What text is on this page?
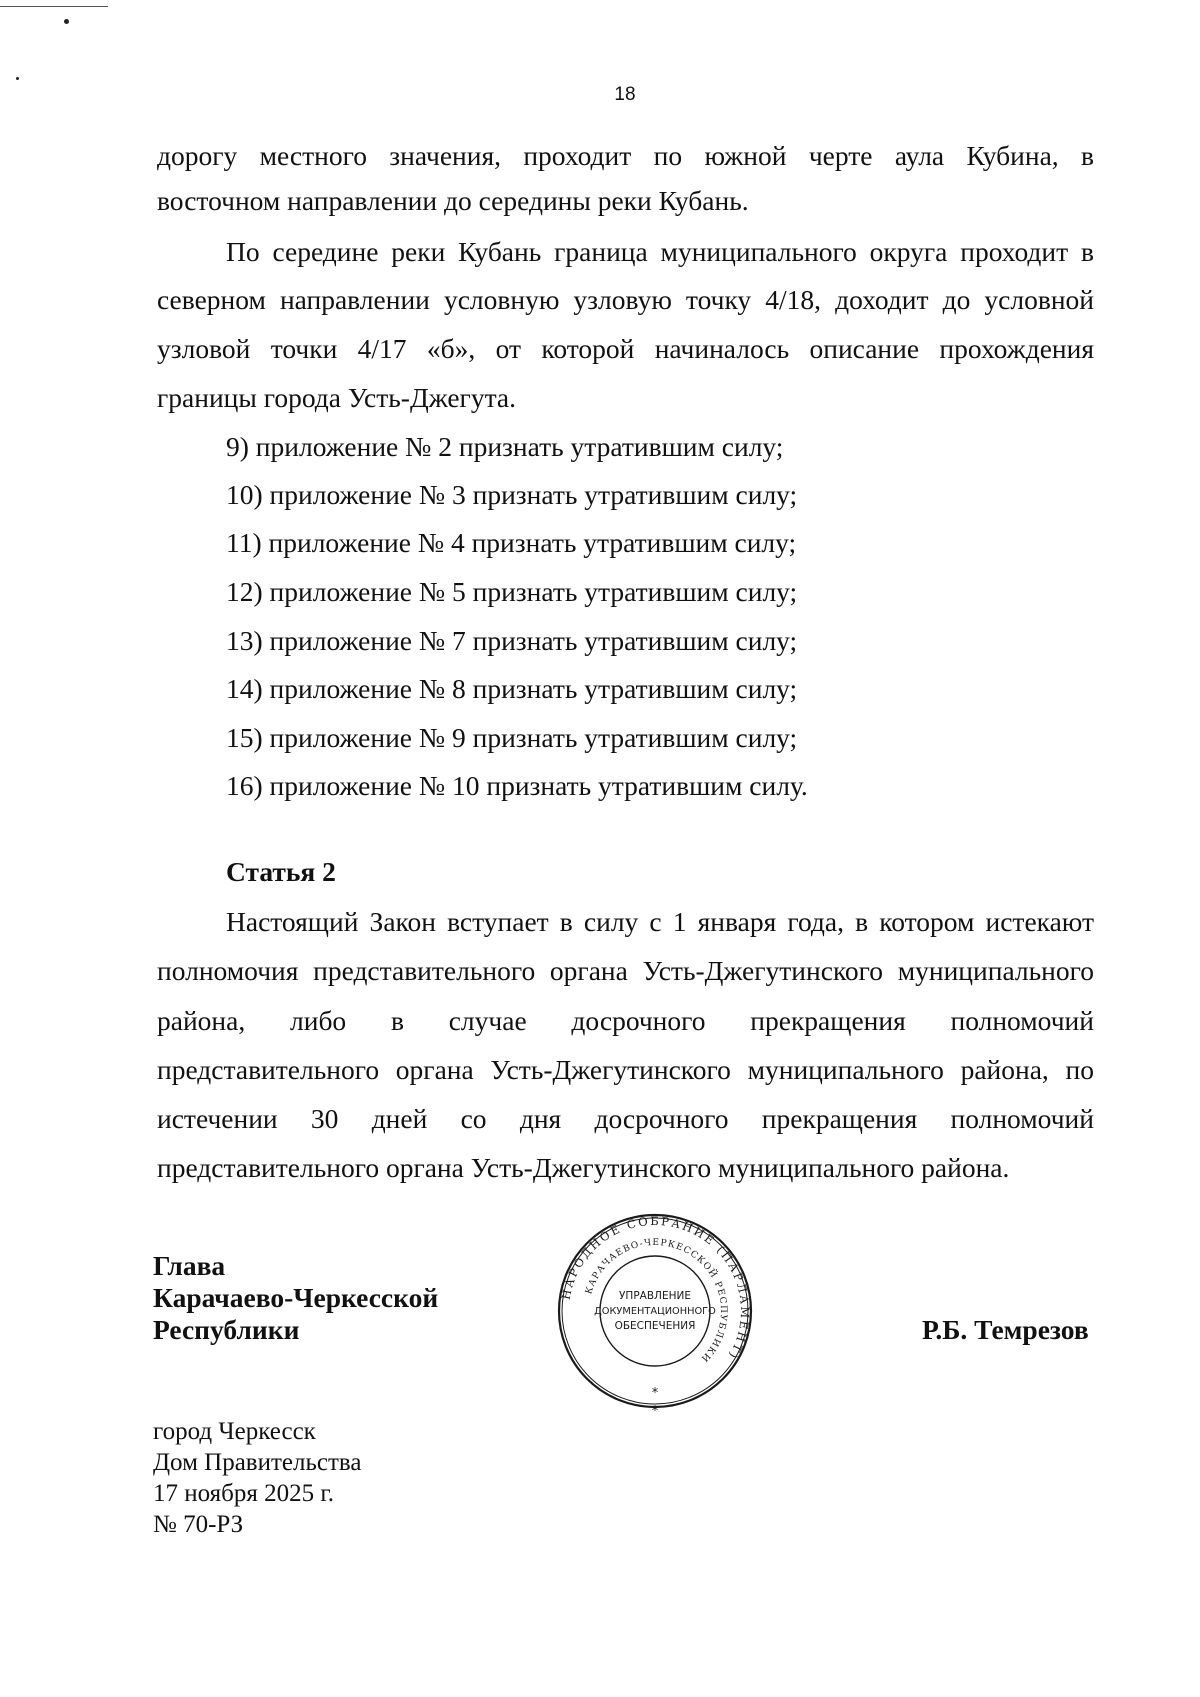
18
дорогу местного значения, проходит по южной черте аула Кубина, в
восточном направлении до середины реки Кубань.
По середине реки Кубань граница муниципального округа проходит в
северном направлении условную узловую точку 4/18, доходит до условной
узловой точки 4/17 «б», от которой начиналось описание прохождения
границы города Усть-Джегута.
9) приложение № 2 признать утратившим силу;
10) приложение № 3 признать утратившим силу;
11) приложение № 4 признать утратившим силу;
12) приложение № 5 признать утратившим силу;
13) приложение № 7 признать утратившим силу;
14) приложение № 8 признать утратившим силу;
15) приложение № 9 признать утратившим силу;
16) приложение № 10 признать утратившим силу.
Статья 2
Настоящий Закон вступает в силу с 1 января года, в котором истекают
полномочия представительного органа Усть-Джегутинского муниципального
района, либо в случае досрочного прекращения полномочий
представительного органа Усть-Джегутинского муниципального района, по
истечении 30 дней со дня досрочного прекращения полномочий
представительного органа Усть-Джегутинского муниципального района.
Глава
Карачаево-Черкесской
Республики	Р.Б. Темрезов
НАРОДНОЕ СОБРАНИЕ (ПАРЛАМЕНТ)
КАРАЧАЕВО-ЧЕРКЕССКОЙ РЕСПУБЛИКИ
УПРАВЛЕНИЕ
ДОКУМЕНТАЦИОННОГО
ОБЕСПЕЧЕНИЯ
*
*
город Черкесск
Дом Правительства
17 ноября 2025 г.
№ 70-РЗ
